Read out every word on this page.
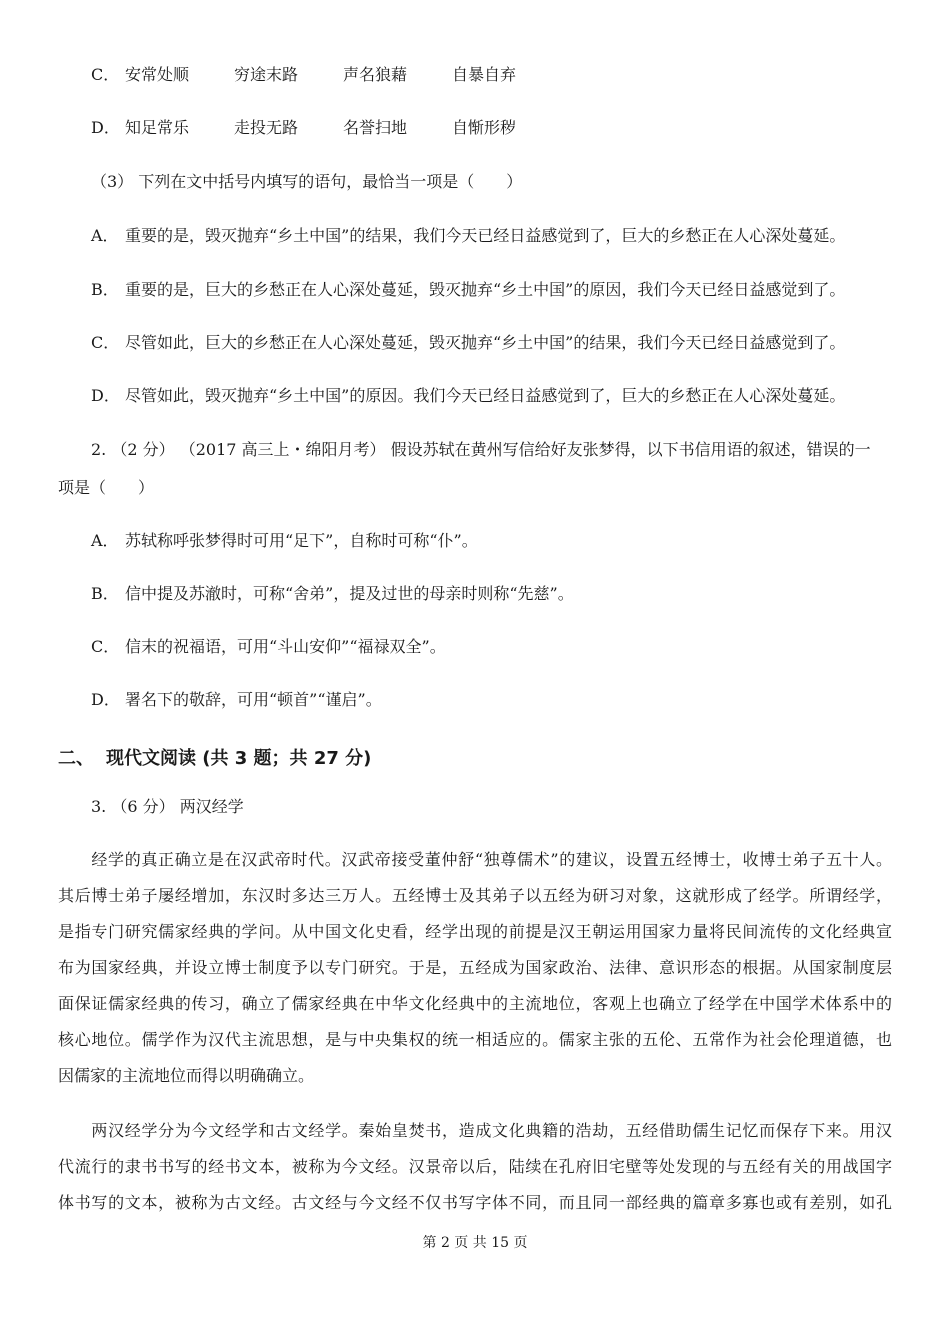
C． 安常处顺	穷途末路	声名狼藉	自暴自弃
D． 知足常乐	走投无路	名誉扫地	自惭形秽
（3） 下列在文中括号内填写的语句，最恰当一项是（　　）
A． 重要的是，毁灭抛弃“乡土中国”的结果，我们今天已经日益感觉到了，巨大的乡愁正在人心深处蔓延。
B． 重要的是，巨大的乡愁正在人心深处蔓延，毁灭抛弃“乡土中国”的原因，我们今天已经日益感觉到了。
C． 尽管如此，巨大的乡愁正在人心深处蔓延，毁灭抛弃“乡土中国”的结果，我们今天已经日益感觉到了。
D． 尽管如此，毁灭抛弃“乡土中国”的原因。我们今天已经日益感觉到了，巨大的乡愁正在人心深处蔓延。
2. （2 分） （2017 高三上・绵阳月考） 假设苏轼在黄州写信给好友张梦得，以下书信用语的叙述，错误的一
项是（　　）
A． 苏轼称呼张梦得时可用“足下”，自称时可称“仆”。
B． 信中提及苏澈时，可称“舍弟”，提及过世的母亲时则称“先慈”。
C． 信末的祝福语，可用“斗山安仰”“福禄双全”。
D． 署名下的敬辞，可用“顿首”“谨启”。
二、 现代文阅读 (共 3 题；共 27 分)
3. （6 分） 两汉经学
　　经学的真正确立是在汉武帝时代。汉武帝接受董仲舒“独尊儒术”的建议，设置五经博士，收博士弟子五十人。
其后博士弟子屡经增加，东汉时多达三万人。五经博士及其弟子以五经为研习对象，这就形成了经学。所谓经学，
是指专门研究儒家经典的学问。从中国文化史看，经学出现的前提是汉王朝运用国家力量将民间流传的文化经典宣
布为国家经典，并设立博士制度予以专门研究。于是，五经成为国家政治、法律、意识形态的根据。从国家制度层
面保证儒家经典的传习，确立了儒家经典在中华文化经典中的主流地位，客观上也确立了经学在中国学术体系中的
核心地位。儒学作为汉代主流思想，是与中央集权的统一相适应的。儒家主张的五伦、五常作为社会伦理道德，也
因儒家的主流地位而得以明确确立。
　　两汉经学分为今文经学和古文经学。秦始皇焚书，造成文化典籍的浩劫，五经借助儒生记忆而保存下来。用汉
代流行的隶书书写的经书文本，被称为今文经。汉景帝以后，陆续在孔府旧宅壁等处发现的与五经有关的用战国字
体书写的文本，被称为古文经。古文经与今文经不仅书写字体不同，而且同一部经典的篇章多寡也或有差别，如孔
第 2 页 共 15 页
